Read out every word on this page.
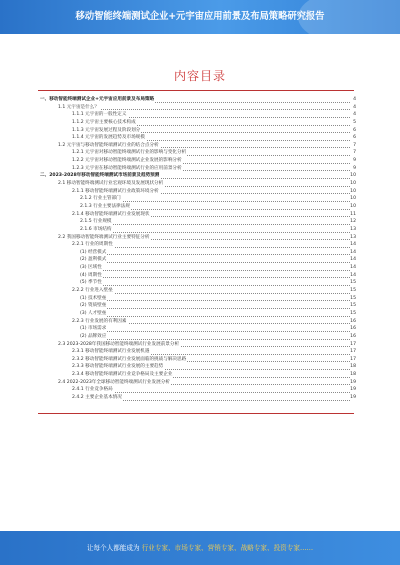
移动智能终端测试企业+元宇宙应用前景及布局策略研究报告
内容目录
一、移动智能终端测试企业+元宇宙应用前景及布局策略	4
1.1 元宇宙是什么？	4
1.1.1 元宇宙的一般性定义	4
1.1.2 元宇宙主要核心技术构成	5
1.1.3 元宇宙发展过程及阶段划分	6
1.1.4 元宇宙的发展趋势及市场规模	6
1.2 元宇宙与移动智能终端测试行业的结合点分析	7
1.2.1 元宇宙对移动智能终端测试行业的影响与变化分析	7
1.2.2 元宇宙对移动智能终端测试企业发展的影响分析	9
1.2.3 元宇宙在移动智能终端测试行业的应用前景分析	9
二、2023-2028年移动智能终端测试市场前景及趋势预测	10
2.1 移动智能终端测试行业宏观环境及发展现状分析	10
2.1.1 移动智能终端测试行业政策环境分析	10
2.1.2 行业主管部门	10
2.1.3 行业主要法律法规	10
2.1.4 移动智能终端测试行业发展现状	11
2.1.5 行业规模	12
2.1.6 市场结构	13
2.2 我国移动智能终端测试行业主要特征分析	13
2.2.1 行业的周期性	14
(1) 经营模式	14
(2) 盈利模式	14
(3) 区域性	14
(4) 周期性	14
(5) 季节性	15
2.2.2 行业进入壁垒	15
(1) 技术壁垒	15
(2) 资质壁垒	15
(3) 人才壁垒	15
2.2.3 行业发展的有利因素	16
(1) 市场需求	16
(2) 品牌效应	16
2.3 2023-2028年我国移动智能终端测试行业发展前景分析	17
2.3.1 移动智能终端测试行业发展机遇	17
2.3.2 移动智能终端测试行业发展面临的挑战与解决思路	17
2.3.3 移动智能终端测试行业发展的主要趋势	18
2.3.4 移动智能终端测试行业竞争格局及主要企业	18
2.4 2022-2023年全球移动智能终端测试行业发展分析	19
2.4.1 行业竞争格局	19
2.4.2 主要企业基本情况	19
让每个人都能成为 行业专家、市场专家、营销专家、战略专家、投资专家……
